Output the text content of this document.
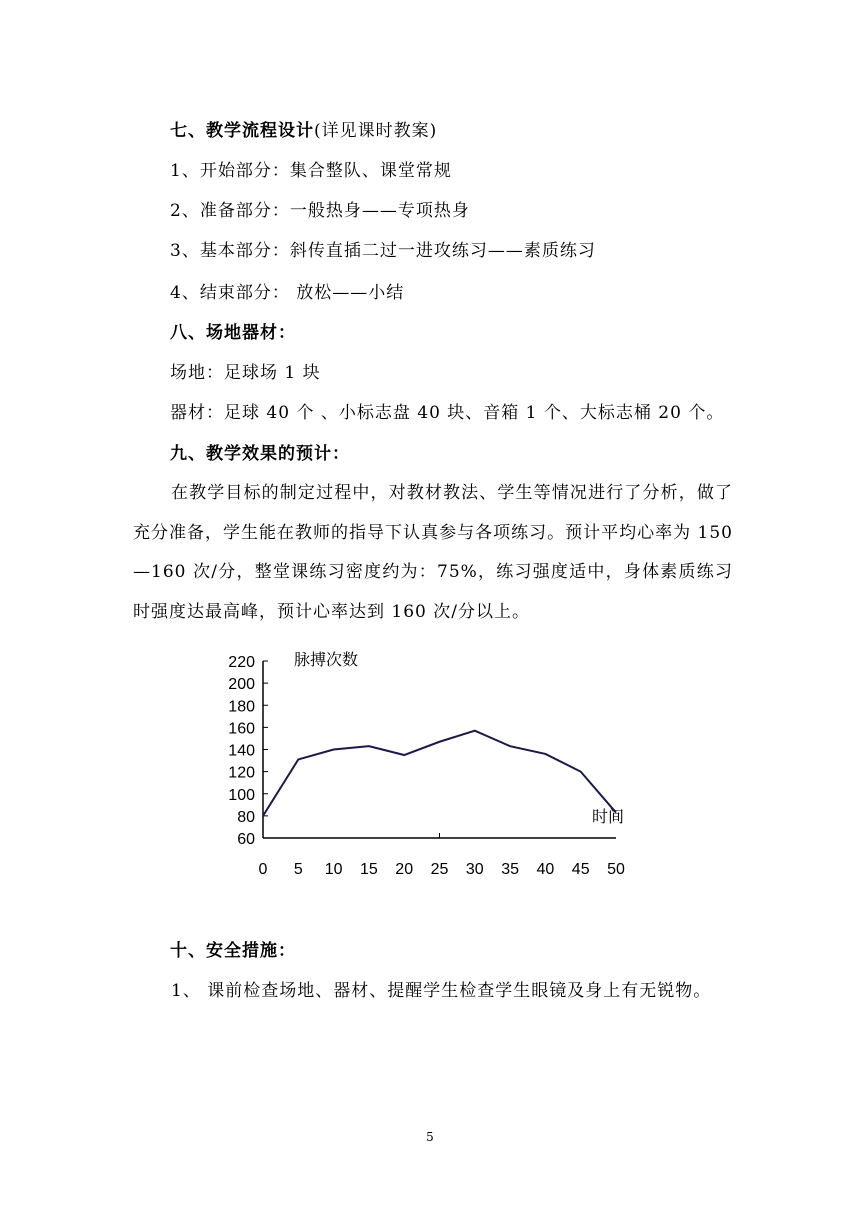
七、教学流程设计(详见课时教案)
1、开始部分：集合整队、课堂常规
2、准备部分：一般热身——专项热身
3、基本部分：斜传直插二过一进攻练习——素质练习
4、结束部分： 放松——小结
八、场地器材：
场地：足球场 1 块
器材：足球 40 个 、小标志盘 40 块、音箱 1 个、大标志桶 20 个。
九、教学效果的预计：
在教学目标的制定过程中，对教材教法、学生等情况进行了分析，做了充分准备，学生能在教师的指导下认真参与各项练习。预计平均心率为 150—160 次/分，整堂课练习密度约为：75%，练习强度适中，身体素质练习时强度达最高峰，预计心率达到 160 次/分以上。
脉搏次数
时间
60
80
100
120
140
160
180
200
220
0 5 10 15 20 25 30 35 40 45 50
十、安全措施：
1、 课前检查场地、器材、提醒学生检查学生眼镜及身上有无锐物。
5
